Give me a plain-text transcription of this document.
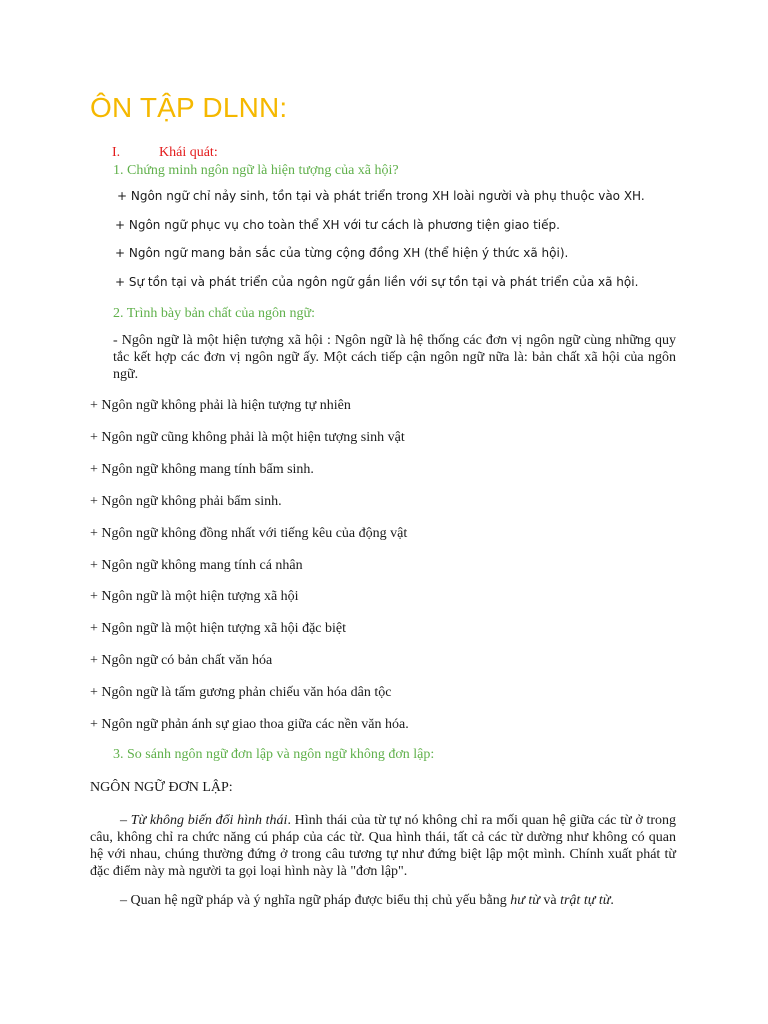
ÔN TẬP DLNN:
I.	Khái quát:
1. Chứng minh ngôn ngữ là hiện tượng của xã hội?
+ Ngôn ngữ chỉ nảy sinh, tồn tại và phát triển trong XH loài người và phụ thuộc vào XH.
+ Ngôn ngữ phục vụ cho toàn thể XH với tư cách là phương tiện giao tiếp.
+ Ngôn ngữ mang bản sắc của từng cộng đồng XH (thể hiện ý thức xã hội).
+ Sự tồn tại và phát triển của ngôn ngữ gắn liền với sự tồn tại và phát triển của xã hội.
2. Trình bày bản chất của ngôn ngữ:
- Ngôn ngữ là một hiện tượng xã hội : Ngôn ngữ là hệ thống các đơn vị ngôn ngữ cùng những quy tắc kết hợp các đơn vị ngôn ngữ ấy. Một cách tiếp cận ngôn ngữ nữa là: bản chất xã hội của ngôn ngữ.
+ Ngôn ngữ không phải là hiện tượng tự nhiên
+ Ngôn ngữ cũng không phải là một hiện tượng sinh vật
+ Ngôn ngữ không mang tính bẩm sinh.
+ Ngôn ngữ không phải bẩm sinh.
+ Ngôn ngữ không đồng nhất với tiếng kêu của động vật
+ Ngôn ngữ không mang tính cá nhân
+ Ngôn ngữ là một hiện tượng xã hội
+ Ngôn ngữ là một hiện tượng xã hội đặc biệt
+ Ngôn ngữ có bản chất văn hóa
+ Ngôn ngữ là tấm gương phản chiếu văn hóa dân tộc
+ Ngôn ngữ phản ánh sự giao thoa giữa các nền văn hóa.
3. So sánh ngôn ngữ đơn lập và ngôn ngữ không đơn lập:
NGÔN NGỮ ĐƠN LẬP:
– Từ không biến đổi hình thái. Hình thái của từ tự nó không chỉ ra mối quan hệ giữa các từ ở trong câu, không chỉ ra chức năng cú pháp của các từ. Qua hình thái, tất cả các từ dường như không có quan hệ với nhau, chúng thường đứng ở trong câu tương tự như đứng biệt lập một mình. Chính xuất phát từ đặc điểm này mà người ta gọi loại hình này là "đơn lập".
– Quan hệ ngữ pháp và ý nghĩa ngữ pháp được biểu thị chủ yếu bằng hư từ và trật tự từ.
